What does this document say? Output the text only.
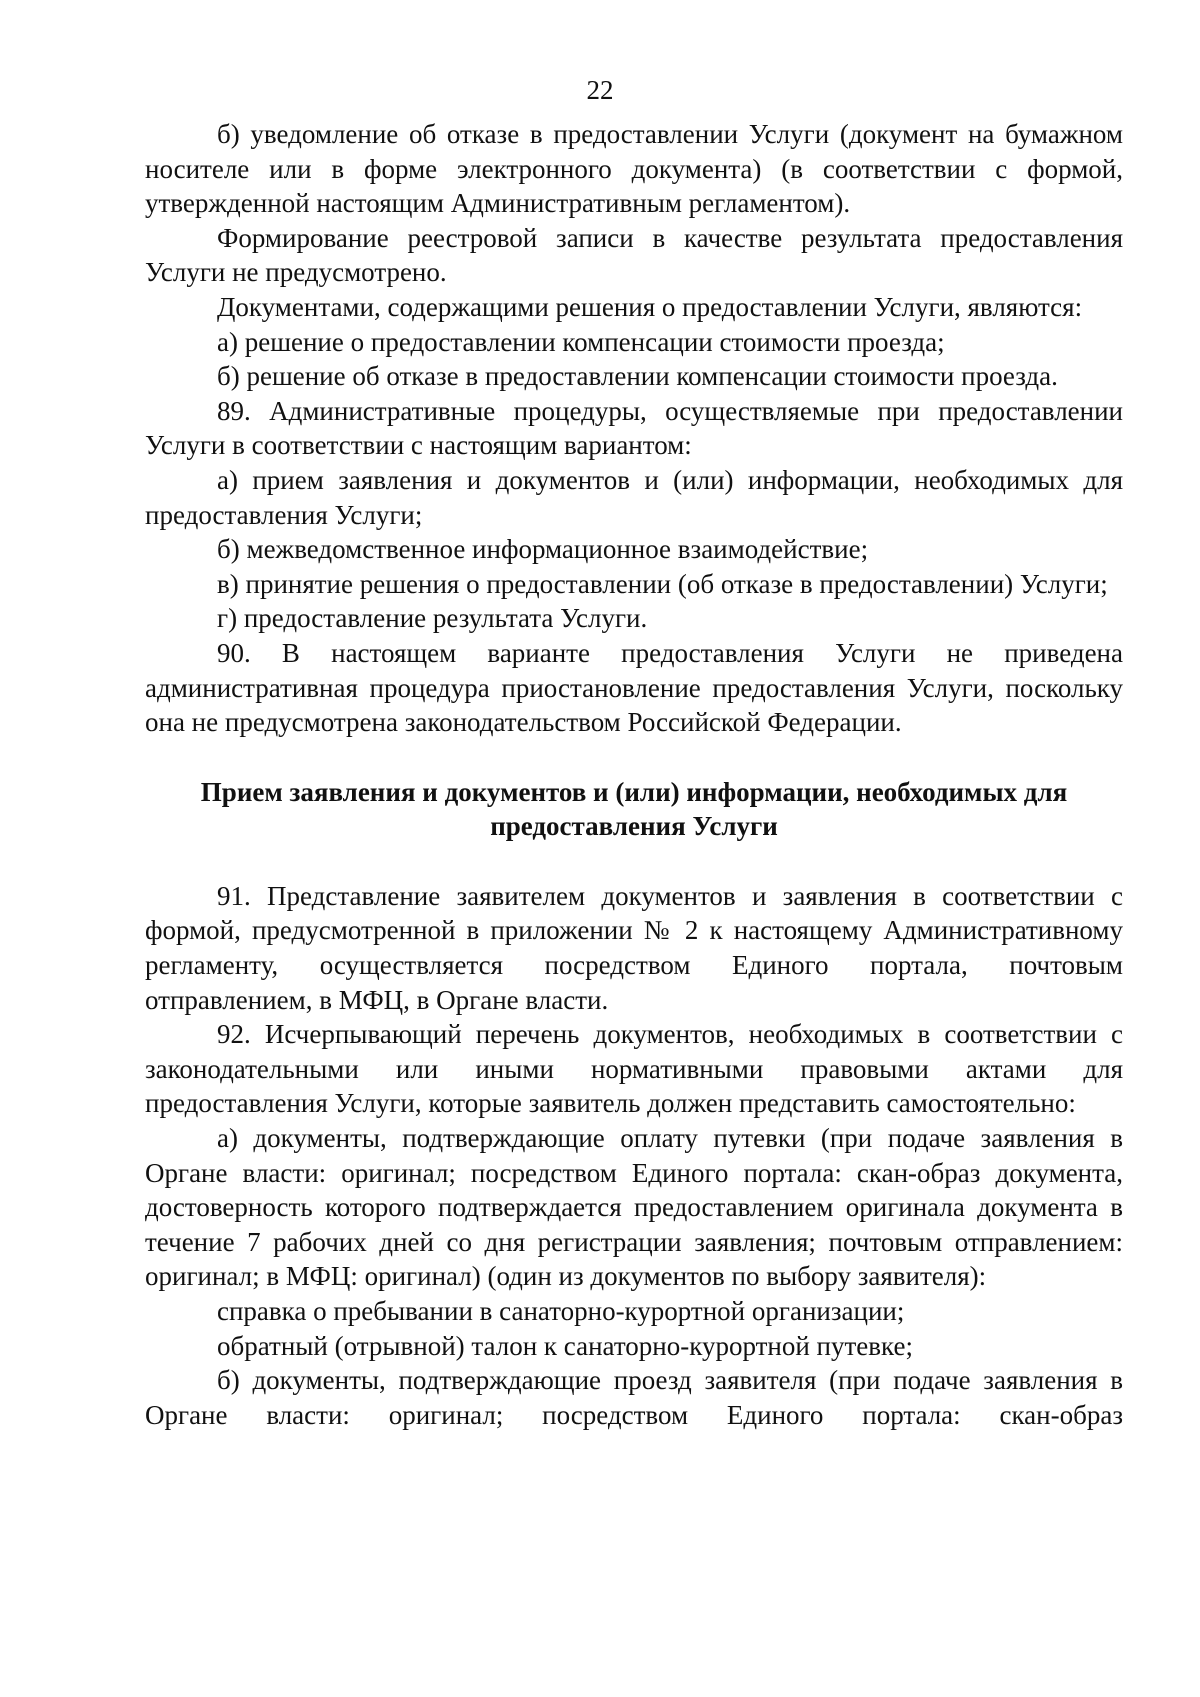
22

б) уведомление об отказе в предоставлении Услуги (документ на бумажном носителе или в форме электронного документа) (в соответствии с формой, утвержденной настоящим Административным регламентом).

Формирование реестровой записи в качестве результата предоставления Услуги не предусмотрено.

Документами, содержащими решения о предоставлении Услуги, являются:

а) решение о предоставлении компенсации стоимости проезда;

б) решение об отказе в предоставлении компенсации стоимости проезда.

89. Административные процедуры, осуществляемые при предоставлении Услуги в соответствии с настоящим вариантом:

а) прием заявления и документов и (или) информации, необходимых для предоставления Услуги;

б) межведомственное информационное взаимодействие;

в) принятие решения о предоставлении (об отказе в предоставлении) Услуги;

г) предоставление результата Услуги.

90. В настоящем варианте предоставления Услуги не приведена административная процедура приостановление предоставления Услуги, поскольку она не предусмотрена законодательством Российской Федерации.

Прием заявления и документов и (или) информации, необходимых для
предоставления Услуги

91. Представление заявителем документов и заявления в соответствии с формой, предусмотренной в приложении № 2 к настоящему Административному регламенту, осуществляется посредством Единого портала, почтовым отправлением, в МФЦ, в Органе власти.

92. Исчерпывающий перечень документов, необходимых в соответствии с законодательными или иными нормативными правовыми актами для предоставления Услуги, которые заявитель должен представить самостоятельно:

а) документы, подтверждающие оплату путевки (при подаче заявления в Органе власти: оригинал; посредством Единого портала: скан-образ документа, достоверность которого подтверждается предоставлением оригинала документа в течение 7 рабочих дней со дня регистрации заявления; почтовым отправлением: оригинал; в МФЦ: оригинал) (один из документов по выбору заявителя):

справка о пребывании в санаторно-курортной организации;

обратный (отрывной) талон к санаторно-курортной путевке;

б) документы, подтверждающие проезд заявителя (при подаче заявления в Органе власти: оригинал; посредством Единого портала: скан-образ
